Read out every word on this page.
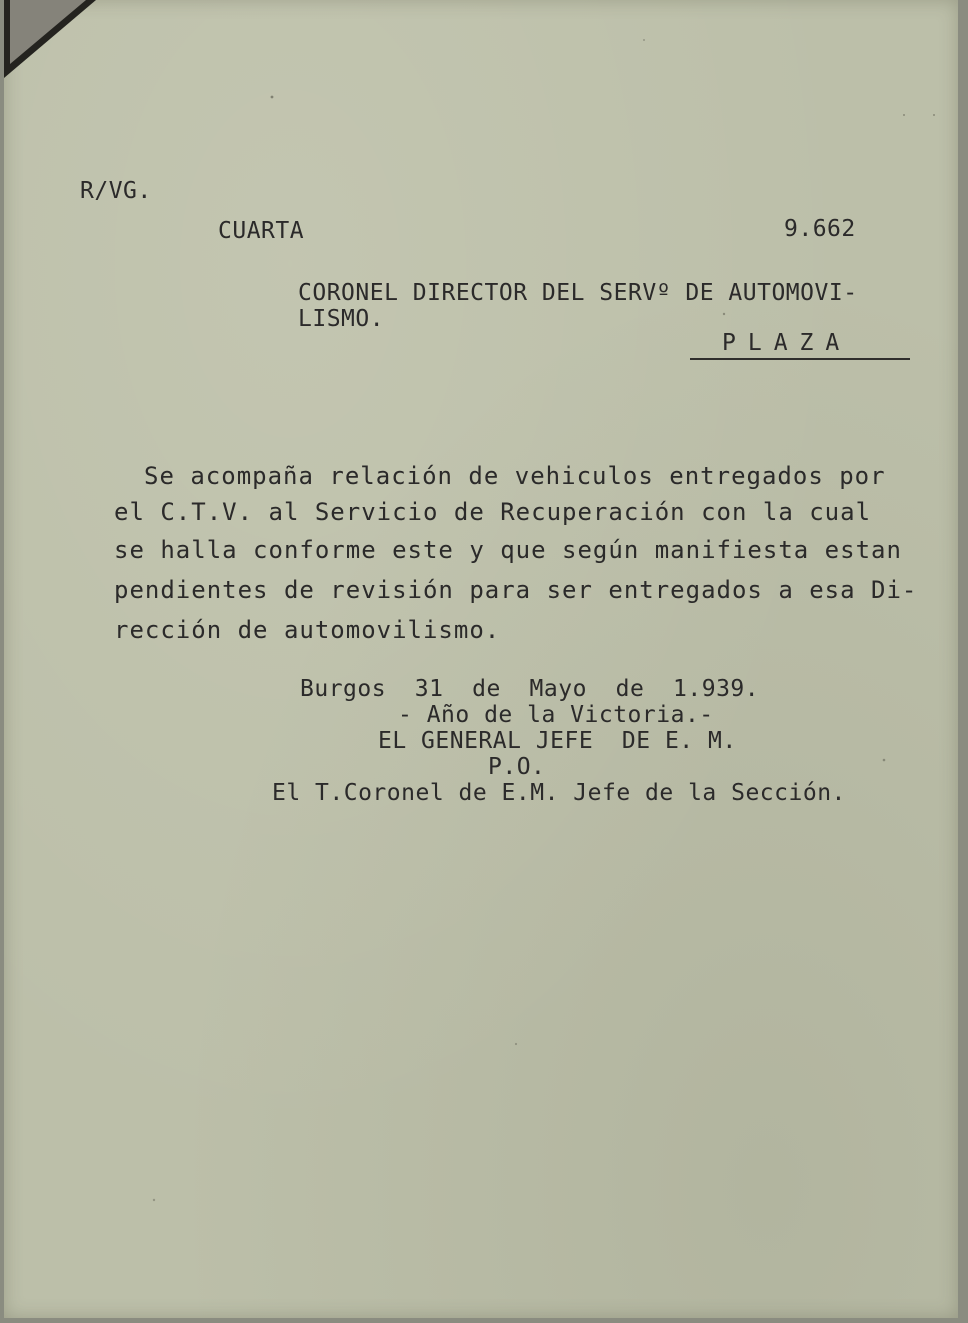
R/VG.
CUARTA	9.662
CORONEL DIRECTOR DEL SERVº DE AUTOMOVI-
LISMO.
PLAZA
Se acompaña relación de vehiculos entregados por
el C.T.V. al Servicio de Recuperación con la cual
se halla conforme este y que según manifiesta estan
pendientes de revisión para ser entregados a esa Di-
rección de automovilismo.
Burgos  31  de  Mayo  de  1.939.
- Año de la Victoria.-
EL GENERAL JEFE  DE E. M.
P.O.
El T.Coronel de E.M. Jefe de la Sección.
